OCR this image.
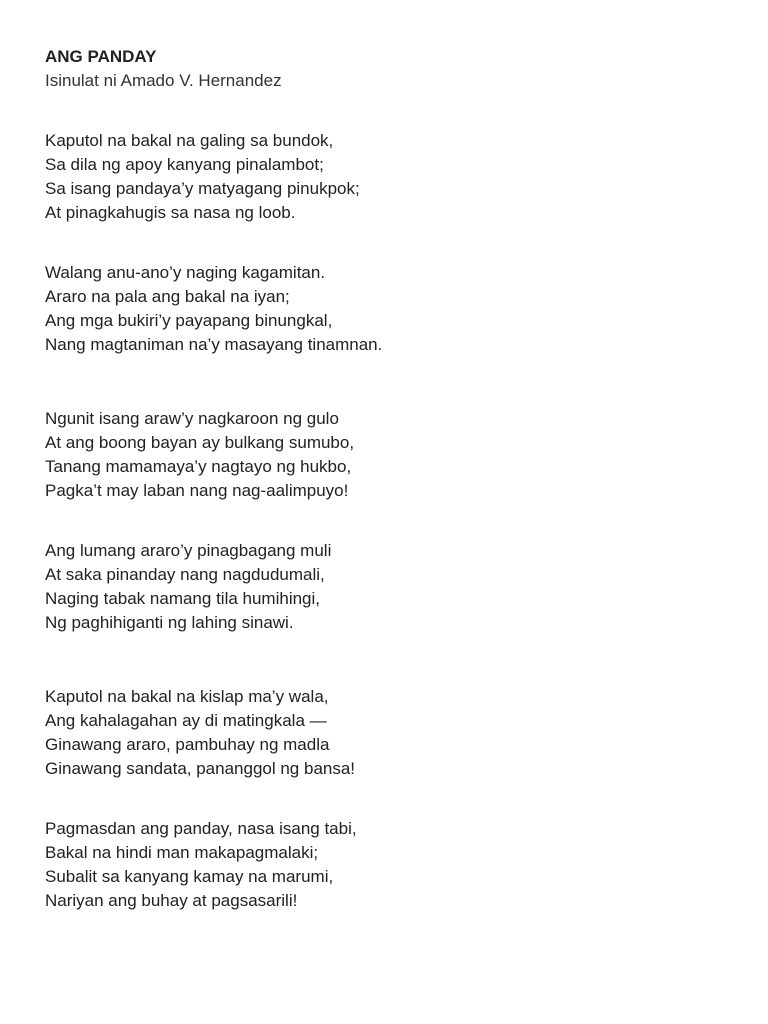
ANG PANDAY
Isinulat ni Amado V. Hernandez
Kaputol na bakal na galing sa bundok,
Sa dila ng apoy kanyang pinalambot;
Sa isang pandaya’y matyagang pinukpok;
At pinagkahugis sa nasa ng loob.
Walang anu-ano’y naging kagamitan.
Araro na pala ang bakal na iyan;
Ang mga bukiri’y payapang binungkal,
Nang magtaniman na’y masayang tinamnan.
Ngunit isang araw’y nagkaroon ng gulo
At ang boong bayan ay bulkang sumubo,
Tanang mamamaya’y nagtayo ng hukbo,
Pagka’t may laban nang nag-aalimpuyo!
Ang lumang araro’y pinagbagang muli
At saka pinanday nang nagdudumali,
Naging tabak namang tila humihingi,
Ng paghihiganti ng lahing sinawi.
Kaputol na bakal na kislap ma’y wala,
Ang kahalagahan ay di matingkala —
Ginawang araro, pambuhay ng madla
Ginawang sandata, pananggol ng bansa!
Pagmasdan ang panday, nasa isang tabi,
Bakal na hindi man makapagmalaki;
Subalit sa kanyang kamay na marumi,
Nariyan ang buhay at pagsasarili!
